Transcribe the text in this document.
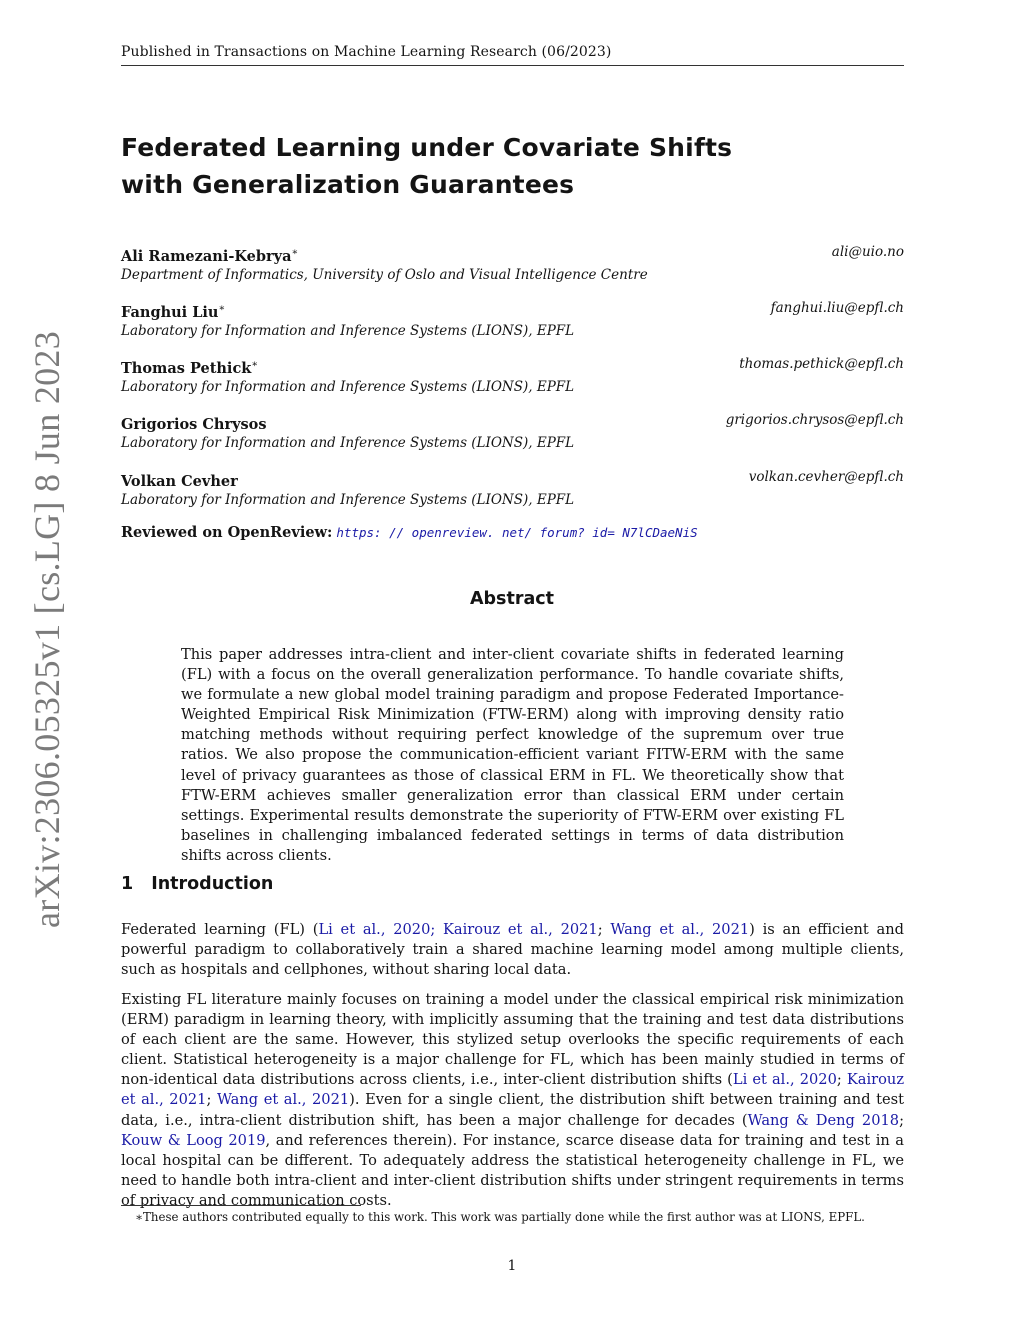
Published in Transactions on Machine Learning Research (06/2023)
Federated Learning under Covariate Shifts
with Generalization Guarantees
Ali Ramezani-Kebrya∗	ali@uio.no
Department of Informatics, University of Oslo and Visual Intelligence Centre
Fanghui Liu∗	fanghui.liu@epfl.ch
Laboratory for Information and Inference Systems (LIONS), EPFL
Thomas Pethick∗	thomas.pethick@epfl.ch
Laboratory for Information and Inference Systems (LIONS), EPFL
Grigorios Chrysos	grigorios.chrysos@epfl.ch
Laboratory for Information and Inference Systems (LIONS), EPFL
Volkan Cevher	volkan.cevher@epfl.ch
Laboratory for Information and Inference Systems (LIONS), EPFL
Reviewed on OpenReview: https: // openreview. net/ forum? id= N7lCDaeNiS
Abstract
This paper addresses intra-client and inter-client covariate shifts in federated learning (FL) with a focus on the overall generalization performance. To handle covariate shifts, we formulate a new global model training paradigm and propose Federated Importance-Weighted Empirical Risk Minimization (FTW-ERM) along with improving density ratio matching methods without requiring perfect knowledge of the supremum over true ratios. We also propose the communication-efficient variant FITW-ERM with the same level of privacy guarantees as those of classical ERM in FL. We theoretically show that FTW-ERM achieves smaller generalization error than classical ERM under certain settings. Experimental results demonstrate the superiority of FTW-ERM over existing FL baselines in challenging imbalanced federated settings in terms of data distribution shifts across clients.
1 Introduction
Federated learning (FL) (Li et al., 2020; Kairouz et al., 2021; Wang et al., 2021) is an efficient and powerful paradigm to collaboratively train a shared machine learning model among multiple clients, such as hospitals and cellphones, without sharing local data.
Existing FL literature mainly focuses on training a model under the classical empirical risk minimization (ERM) paradigm in learning theory, with implicitly assuming that the training and test data distributions of each client are the same. However, this stylized setup overlooks the specific requirements of each client. Statistical heterogeneity is a major challenge for FL, which has been mainly studied in terms of non-identical data distributions across clients, i.e., inter-client distribution shifts (Li et al., 2020; Kairouz et al., 2021; Wang et al., 2021). Even for a single client, the distribution shift between training and test data, i.e., intra-client distribution shift, has been a major challenge for decades (Wang & Deng 2018; Kouw & Loog 2019, and references therein). For instance, scarce disease data for training and test in a local hospital can be different. To adequately address the statistical heterogeneity challenge in FL, we need to handle both intra-client and inter-client distribution shifts under stringent requirements in terms of privacy and communication costs.
∗These authors contributed equally to this work. This work was partially done while the first author was at LIONS, EPFL.
1
arXiv:2306.05325v1 [cs.LG] 8 Jun 2023
